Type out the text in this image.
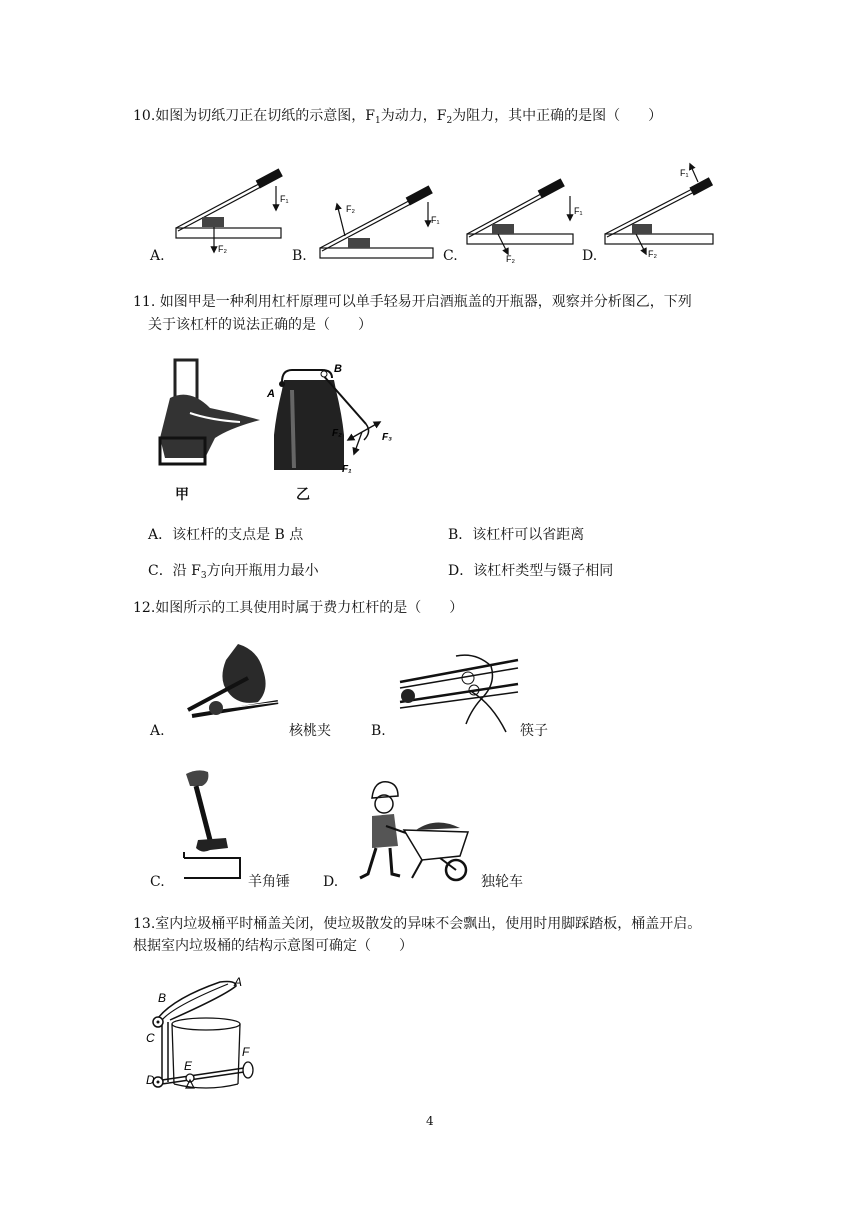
10.如图为切纸刀正在切纸的示意图，$F_1$为动力，$F_2$为阻力，其中正确的是图（　　）
F₁
F₂
F₁
F₂	F₁
F₂
F₁
F₂
A.	B.	C.	D.
11. 如图甲是一种利用杠杆原理可以单手轻易开启酒瓶盖的开瓶器，观察并分析图乙，下列
关于该杠杆的说法正确的是（　　）
甲
A
B
F₂	F₃
F₁
乙
A．该杠杆的支点是 B 点	B．该杠杆可以省距离
C．沿 $F_3$方向开瓶用力最小	D．该杠杆类型与镊子相同
12.如图所示的工具使用时属于费力杠杆的是（　　）
A.	核桃夹	B.	筷子
C.	羊角锤 D.	独轮车
13.室内垃圾桶平时桶盖关闭，使垃圾散发的异味不会飘出，使用时用脚踩踏板，桶盖开启。
根据室内垃圾桶的结构示意图可确定（　　）
A
B
C
D
E
F
4
